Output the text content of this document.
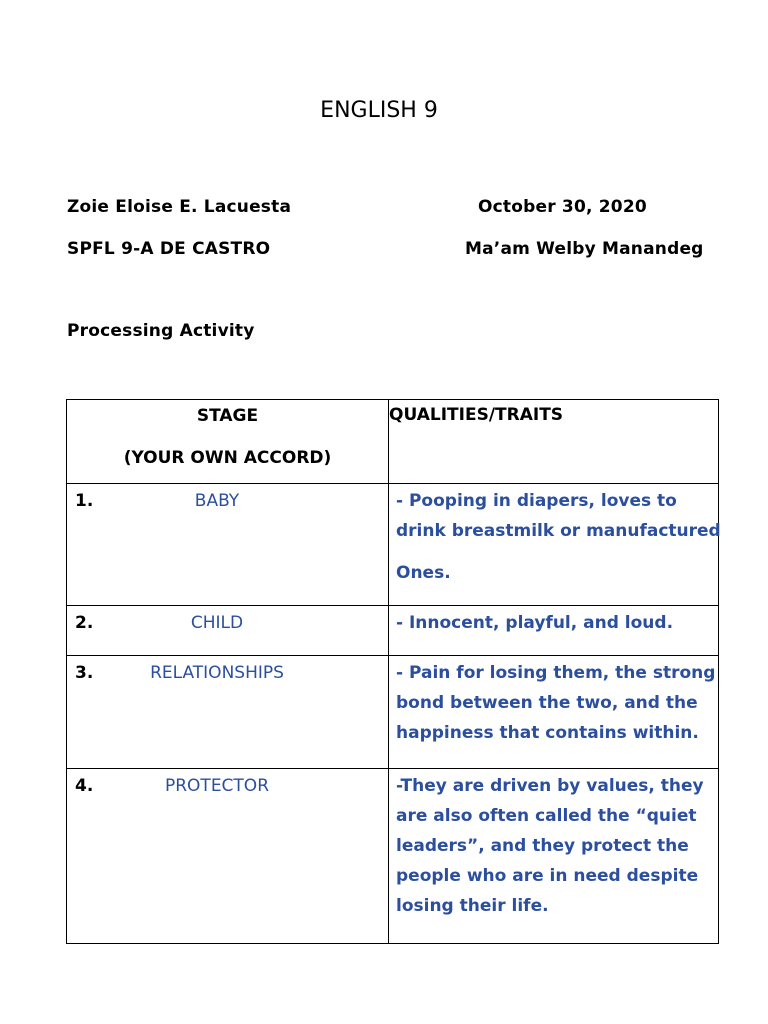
ENGLISH 9
Zoie Eloise E. Lacuesta	October 30, 2020
SPFL 9-A DE CASTRO	Ma’am Welby Manandeg
Processing Activity
STAGE
(YOUR OWN ACCORD)	QUALITIES/TRAITS

1. BABY	- Pooping in diapers, loves to
drink breastmilk or manufactured
Ones.

2. CHILD	- Innocent, playful, and loud.

3. RELATIONSHIPS	- Pain for losing them, the strong
bond between the two, and the
happiness that contains within.

4. PROTECTOR	-They are driven by values, they
are also often called the “quiet
leaders”, and they protect the
people who are in need despite
losing their life.
